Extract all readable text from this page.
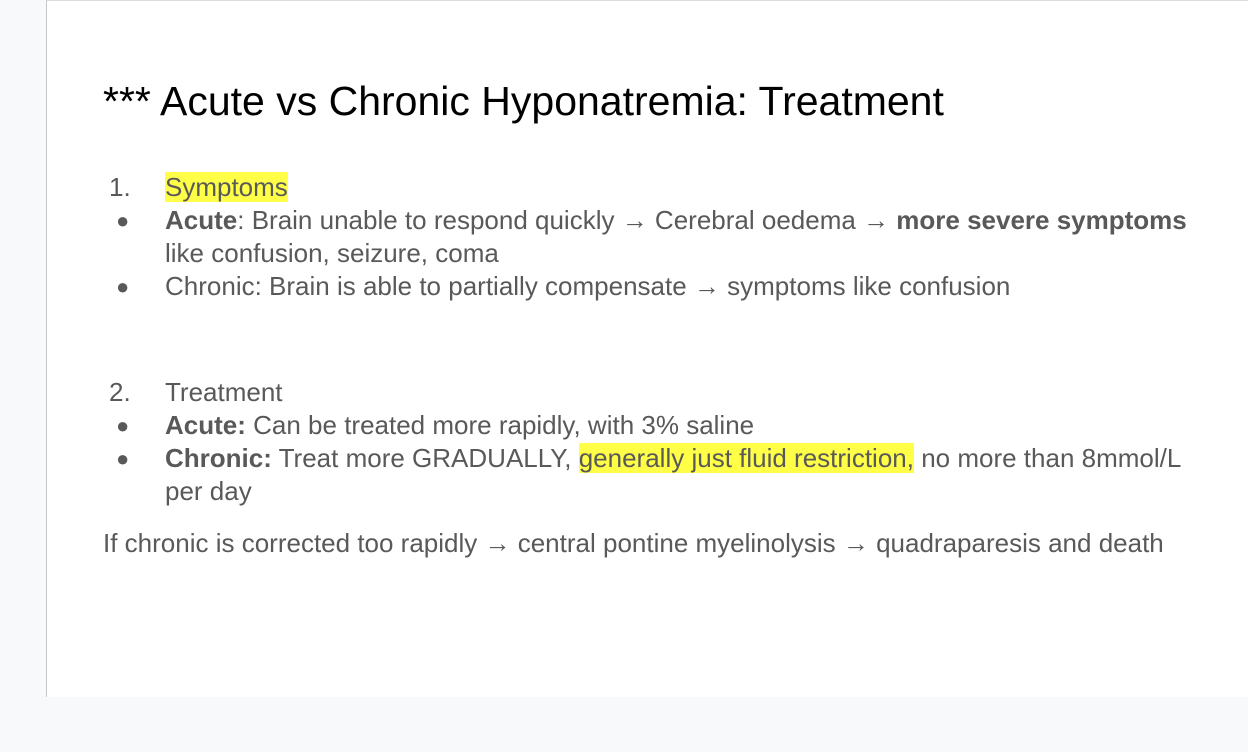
*** Acute vs Chronic Hyponatremia: Treatment
1.	Symptoms
●	Acute: Brain unable to respond quickly → Cerebral oedema → more severe symptoms like confusion, seizure, coma
●	Chronic: Brain is able to partially compensate → symptoms like confusion
2.	Treatment
●	Acute: Can be treated more rapidly, with 3% saline
●	Chronic: Treat more GRADUALLY, generally just fluid restriction, no more than 8mmol/L per day
If chronic is corrected too rapidly → central pontine myelinolysis → quadraparesis and death
